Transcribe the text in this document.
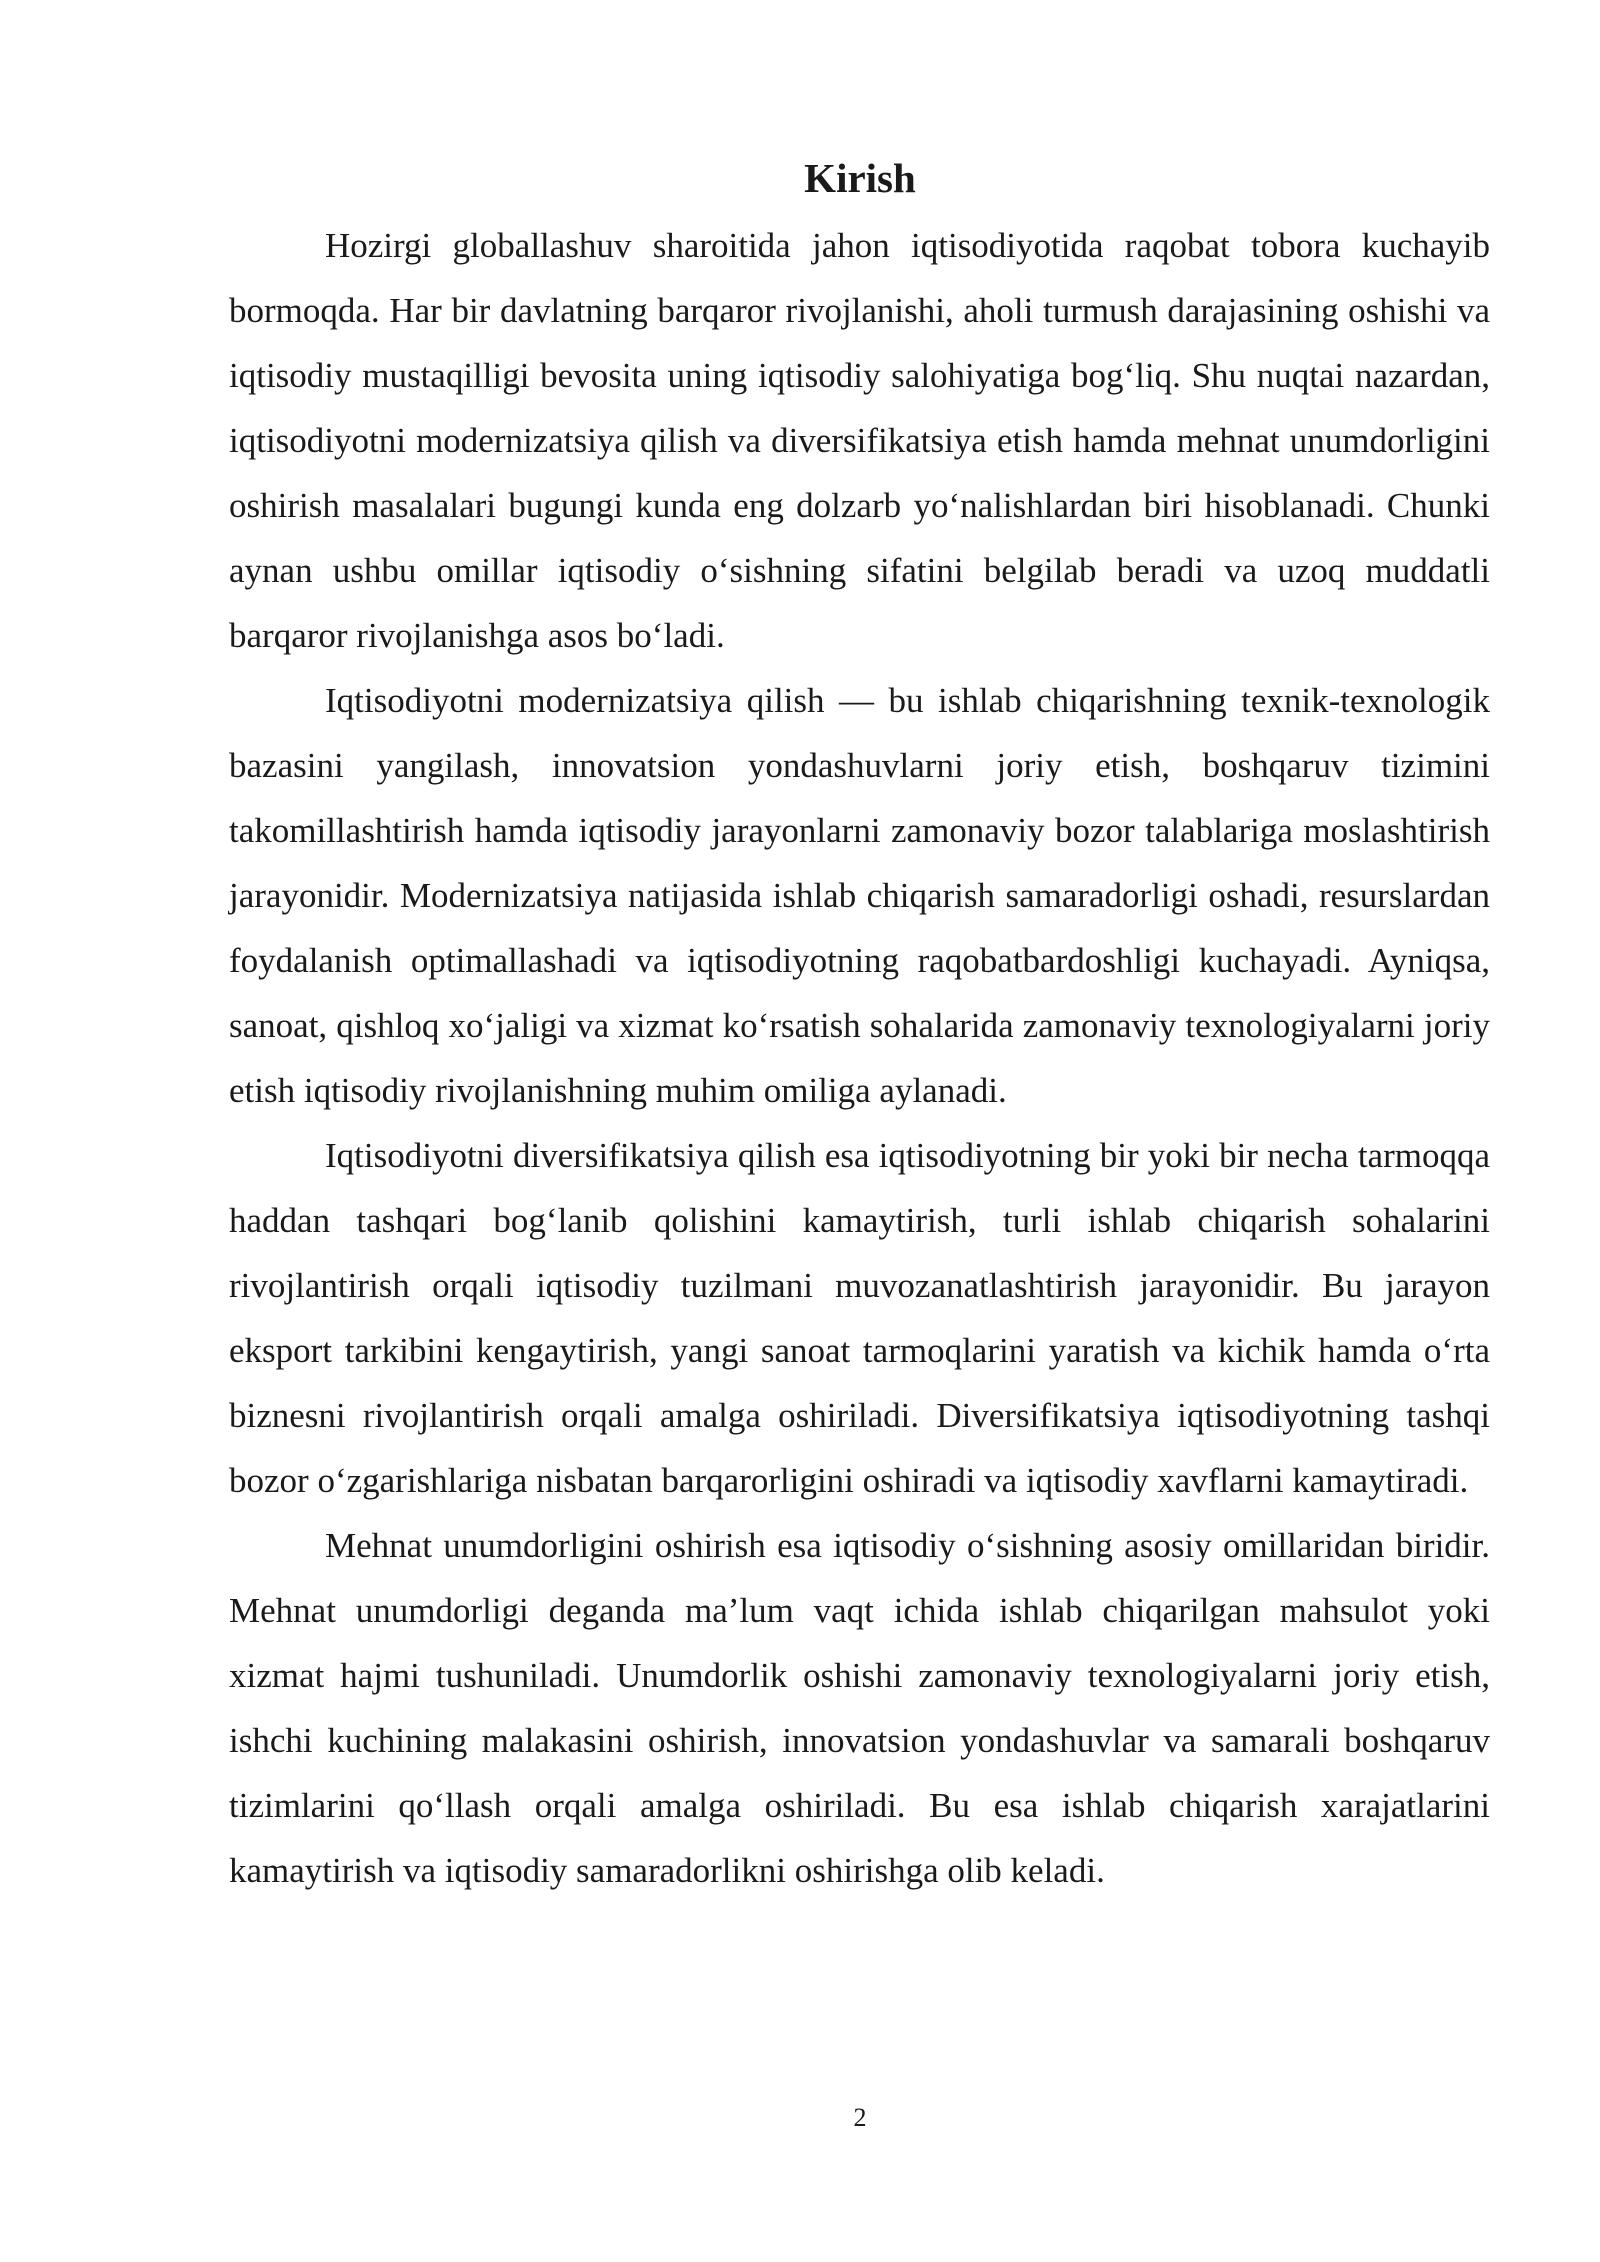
Kirish

Hozirgi globallashuv sharoitida jahon iqtisodiyotida raqobat tobora kuchayib bormoqda. Har bir davlatning barqaror rivojlanishi, aholi turmush darajasining oshishi va iqtisodiy mustaqilligi bevosita uning iqtisodiy salohiyatiga bog‘liq. Shu nuqtai nazardan, iqtisodiyotni modernizatsiya qilish va diversifikatsiya etish hamda mehnat unumdorligini oshirish masalalari bugungi kunda eng dolzarb yo‘nalishlardan biri hisoblanadi. Chunki aynan ushbu omillar iqtisodiy o‘sishning sifatini belgilab beradi va uzoq muddatli barqaror rivojlanishga asos bo‘ladi.

Iqtisodiyotni modernizatsiya qilish — bu ishlab chiqarishning texnik-texnologik bazasini yangilash, innovatsion yondashuvlarni joriy etish, boshqaruv tizimini takomillashtirish hamda iqtisodiy jarayonlarni zamonaviy bozor talablariga moslashtirish jarayonidir. Modernizatsiya natijasida ishlab chiqarish samaradorligi oshadi, resurslardan foydalanish optimallashadi va iqtisodiyotning raqobatbardoshligi kuchayadi. Ayniqsa, sanoat, qishloq xo‘jaligi va xizmat ko‘rsatish sohalarida zamonaviy texnologiyalarni joriy etish iqtisodiy rivojlanishning muhim omiliga aylanadi.

Iqtisodiyotni diversifikatsiya qilish esa iqtisodiyotning bir yoki bir necha tarmoqqa haddan tashqari bog‘lanib qolishini kamaytirish, turli ishlab chiqarish sohalarini rivojlantirish orqali iqtisodiy tuzilmani muvozanatlashtirish jarayonidir. Bu jarayon eksport tarkibini kengaytirish, yangi sanoat tarmoqlarini yaratish va kichik hamda o‘rta biznesni rivojlantirish orqali amalga oshiriladi. Diversifikatsiya iqtisodiyotning tashqi bozor o‘zgarishlariga nisbatan barqarorligini oshiradi va iqtisodiy xavflarni kamaytiradi.

Mehnat unumdorligini oshirish esa iqtisodiy o‘sishning asosiy omillaridan biridir. Mehnat unumdorligi deganda ma’lum vaqt ichida ishlab chiqarilgan mahsulot yoki xizmat hajmi tushuniladi. Unumdorlik oshishi zamonaviy texnologiyalarni joriy etish, ishchi kuchining malakasini oshirish, innovatsion yondashuvlar va samarali boshqaruv tizimlarini qo‘llash orqali amalga oshiriladi. Bu esa ishlab chiqarish xarajatlarini kamaytirish va iqtisodiy samaradorlikni oshirishga olib keladi.

2
